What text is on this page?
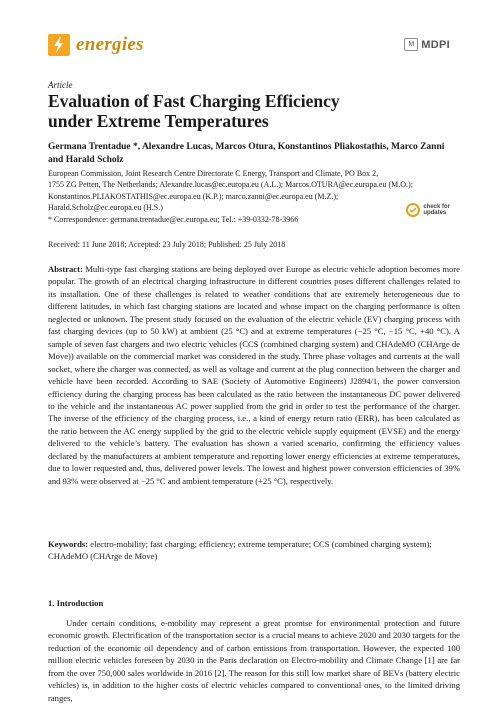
energies	M MDPI
Article
Evaluation of Fast Charging Efficiency under Extreme Temperatures
Germana Trentadue *, Alexandre Lucas, Marcos Otura, Konstantinos Pliakostathis, Marco Zanni
and Harald Scholz

European Commission, Joint Research Centre Directorate C Energy, Transport and Climate, PO Box 2,

1755 ZG Petten, The Netherlands; Alexandre.lucas@ec.europa.eu (A.L.); Marcos.OTURA@ec.europa.eu (M.O.);

Konstantinos.PLIAKOSTATHIS@ec.europa.eu (K.P.); marco.zanni@ec.europa.eu (M.Z.);

Harald.Scholz@ec.europa.eu (H.S.)

* Correspondence: germana.trentadue@ec.europa.eu; Tel.: +39-0332-78-3966

check for
updates
Received: 11 June 2018; Accepted: 23 July 2018; Published: 25 July 2018

Abstract: Multi-type fast charging stations are being deployed over Europe as electric vehicle adoption becomes more popular. The growth of an electrical charging infrastructure in different countries poses different challenges related to its installation. One of these challenges is related to weather conditions that are extremely heterogeneous due to different latitudes, in which fast charging stations are located and whose impact on the charging performance is often neglected or unknown. The present study focused on the evaluation of the electric vehicle (EV) charging process with fast charging devices (up to 50 kW) at ambient (25 °C) and at extreme temperatures (−25 °C, −15 °C, +40 °C). A sample of seven fast chargers and two electric vehicles (CCS (combined charging system) and CHAdeMO (CHArge de Move)) available on the commercial market was considered in the study. Three phase voltages and currents at the wall socket, where the charger was connected, as well as voltage and current at the plug connection between the charger and vehicle have been recorded. According to SAE (Society of Automotive Engineers) J2894/1, the power conversion efficiency during the charging process has been calculated as the ratio between the instantaneous DC power delivered to the vehicle and the instantaneous AC power supplied from the grid in order to test the performance of the charger. The inverse of the efficiency of the charging process, i.e., a kind of energy return ratio (ERR), has been calculated as the ratio between the AC energy supplied by the grid to the electric vehicle supply equipment (EVSE) and the energy delivered to the vehicle’s battery. The evaluation has shown a varied scenario, confirming the efficiency values declared by the manufacturers at ambient temperature and reporting lower energy efficiencies at extreme temperatures, due to lower requested and, thus, delivered power levels. The lowest and highest power conversion efficiencies of 39% and 93% were observed at −25 °C and ambient temperature (+25 °C), respectively.

Keywords: electro-mobility; fast charging; efficiency; extreme temperature; CCS (combined charging system); CHAdeMO (CHArge de Move)

1. Introduction

Under certain conditions, e-mobility may represent a great promise for environmental protection and future economic growth. Electrification of the transportation sector is a crucial means to achieve 2020 and 2030 targets for the reduction of the economic oil dependency and of carbon emissions from transportation. However, the expected 100 million electric vehicles foreseen by 2030 in the Paris declaration on Electro-mobility and Climate Change [1] are far from the over 750,000 sales worldwide in 2016 [2]. The reason for this still low market share of BEVs (battery electric vehicles) is, in addition to the higher costs of electric vehicles compared to conventional ones, to the limited driving ranges,
